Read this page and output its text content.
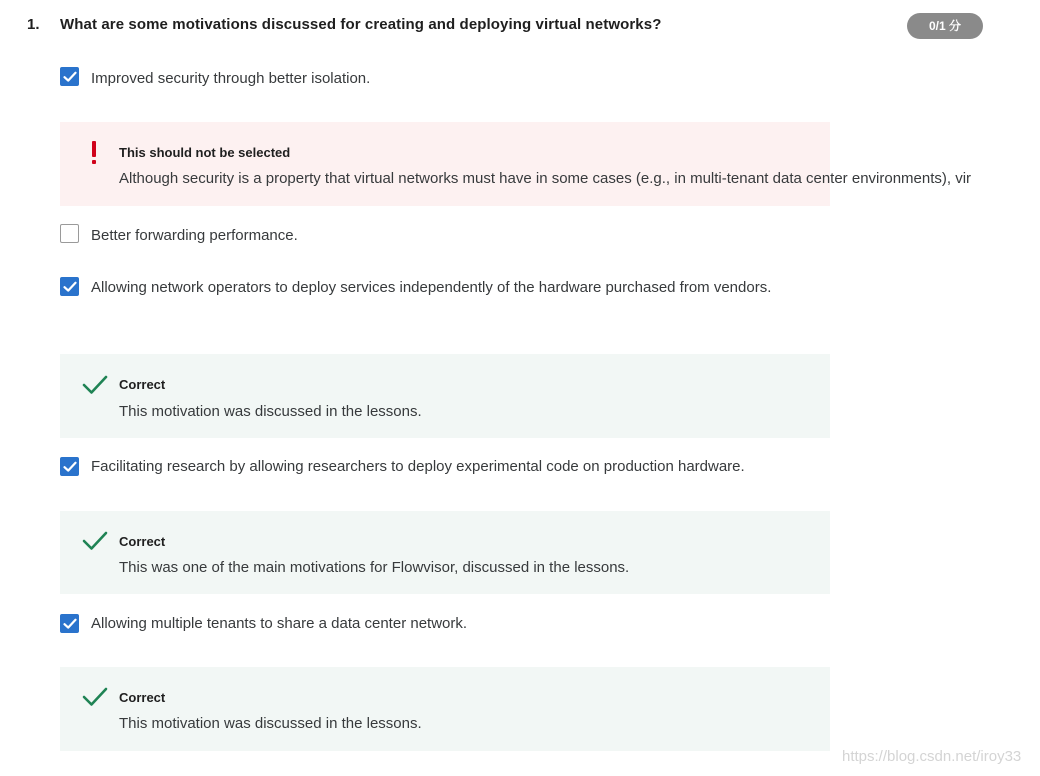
1. What are some motivations discussed for creating and deploying virtual networks?	0/1 分
Improved security through better isolation.
This should not be selected
Although security is a property that virtual networks must have in some cases (e.g., in multi-tenant data center environments), vir
Better forwarding performance.
Allowing network operators to deploy services independently of the hardware purchased from vendors.
Correct
This motivation was discussed in the lessons.
Facilitating research by allowing researchers to deploy experimental code on production hardware.
Correct
This was one of the main motivations for Flowvisor, discussed in the lessons.
Allowing multiple tenants to share a data center network.
Correct
This motivation was discussed in the lessons.
https://blog.csdn.net/iroy33
